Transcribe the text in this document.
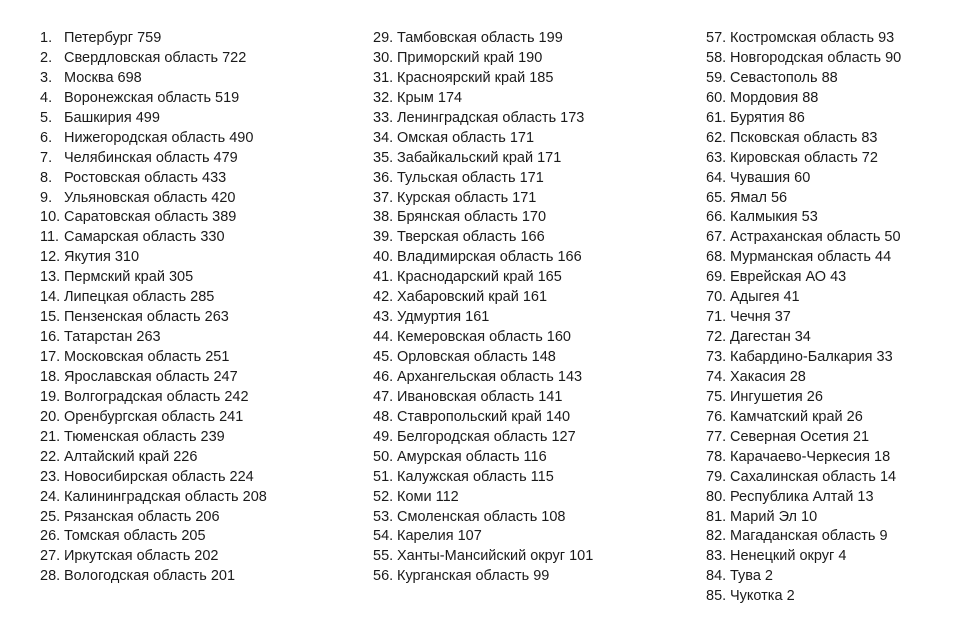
1. Петербург 759
2. Свердловская область 722
3. Москва 698
4. Воронежская область 519
5. Башкирия 499
6. Нижегородская область 490
7. Челябинская область 479
8. Ростовская область 433
9. Ульяновская область 420
10. Саратовская область 389
11. Самарская область 330
12. Якутия 310
13. Пермский край 305
14. Липецкая область 285
15. Пензенская область 263
16. Татарстан 263
17. Московская область 251
18. Ярославская область 247
19. Волгоградская область 242
20. Оренбургская область 241
21. Тюменская область 239
22. Алтайский край 226
23. Новосибирская область 224
24. Калининградская область 208
25. Рязанская область 206
26. Томская область 205
27. Иркутская область 202
28. Вологодская область 201
29. Тамбовская область 199
30. Приморский край 190
31. Красноярский край 185
32. Крым 174
33. Ленинградская область 173
34. Омская область 171
35. Забайкальский край 171
36. Тульская область 171
37. Курская область 171
38. Брянская область 170
39. Тверская область 166
40. Владимирская область 166
41. Краснодарский край 165
42. Хабаровский край 161
43. Удмуртия 161
44. Кемеровская область 160
45. Орловская область 148
46. Архангельская область 143
47. Ивановская область 141
48. Ставропольский край 140
49. Белгородская область 127
50. Амурская область 116
51. Калужская область 115
52. Коми 112
53. Смоленская область 108
54. Карелия 107
55. Ханты-Мансийский округ 101
56. Курганская область 99
57. Костромская область 93
58. Новгородская область 90
59. Севастополь 88
60. Мордовия 88
61. Бурятия 86
62. Псковская область 83
63. Кировская область 72
64. Чувашия 60
65. Ямал 56
66. Калмыкия 53
67. Астраханская область 50
68. Мурманская область 44
69. Еврейская АО 43
70. Адыгея 41
71. Чечня 37
72. Дагестан 34
73. Кабардино-Балкария 33
74. Хакасия 28
75. Ингушетия 26
76. Камчатский край 26
77. Северная Осетия 21
78. Карачаево-Черкесия 18
79. Сахалинская область 14
80. Республика Алтай 13
81. Марий Эл 10
82. Магаданская область 9
83. Ненецкий округ 4
84. Тува 2
85. Чукотка 2
